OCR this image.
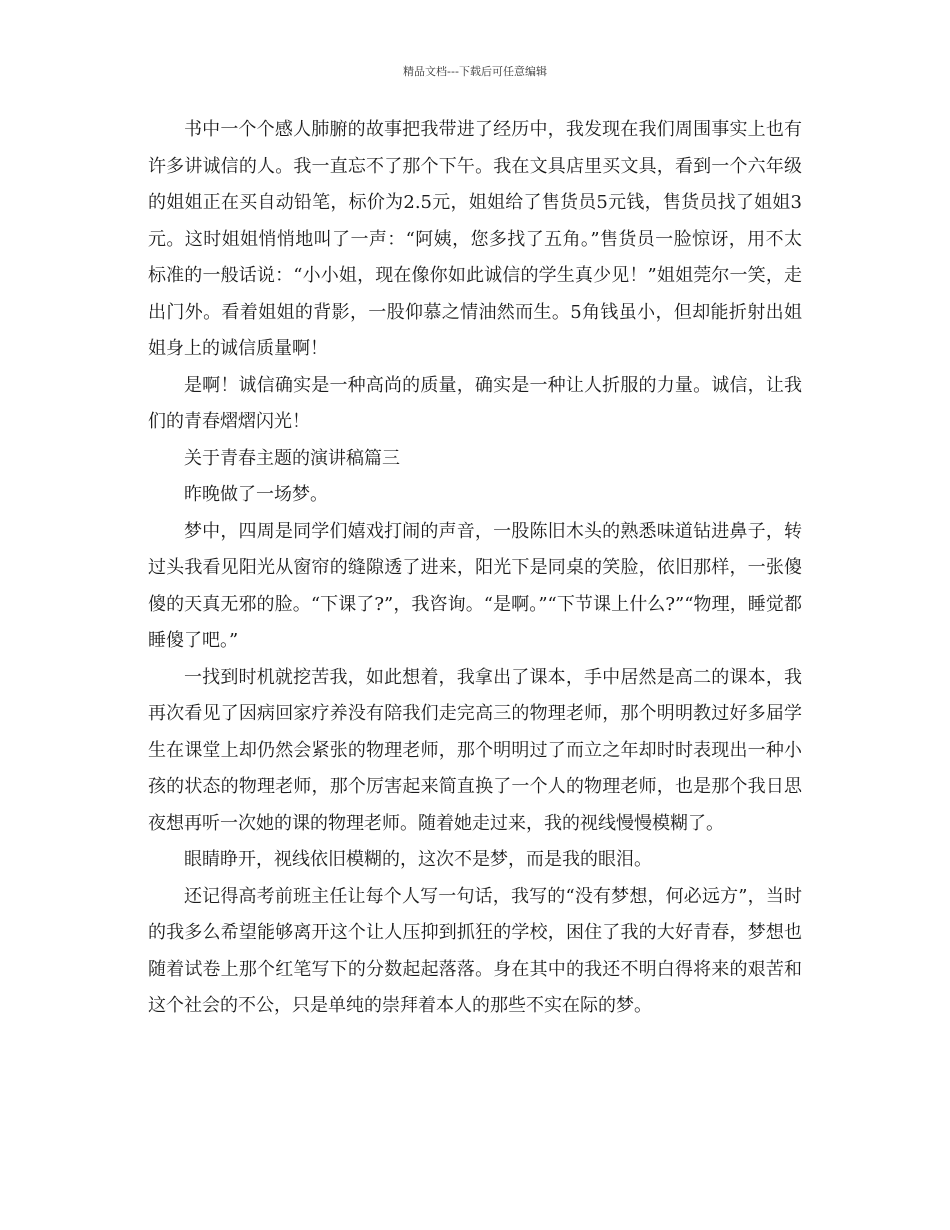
精品文档---下载后可任意编辑

书中一个个感人肺腑的故事把我带进了经历中，我发现在我们周围事实上也有许多讲诚信的人。我一直忘不了那个下午。我在文具店里买文具，看到一个六年级的姐姐正在买自动铅笔，标价为2.5元，姐姐给了售货员5元钱，售货员找了姐姐3元。这时姐姐悄悄地叫了一声：“阿姨，您多找了五角。”售货员一脸惊讶，用不太标准的一般话说：“小小姐，现在像你如此诚信的学生真少见！”姐姐莞尔一笑，走出门外。看着姐姐的背影，一股仰慕之情油然而生。5角钱虽小，但却能折射出姐姐身上的诚信质量啊！

是啊！诚信确实是一种高尚的质量，确实是一种让人折服的力量。诚信，让我们的青春熠熠闪光！

关于青春主题的演讲稿篇三

昨晚做了一场梦。

梦中，四周是同学们嬉戏打闹的声音，一股陈旧木头的熟悉味道钻进鼻子，转过头我看见阳光从窗帘的缝隙透了进来，阳光下是同桌的笑脸，依旧那样，一张傻傻的天真无邪的脸。“下课了?”，我咨询。“是啊。”“下节课上什么?”“物理，睡觉都睡傻了吧。”

一找到时机就挖苦我，如此想着，我拿出了课本，手中居然是高二的课本，我再次看见了因病回家疗养没有陪我们走完高三的物理老师，那个明明教过好多届学生在课堂上却仍然会紧张的物理老师，那个明明过了而立之年却时时表现出一种小孩的状态的物理老师，那个厉害起来简直换了一个人的物理老师，也是那个我日思夜想再听一次她的课的物理老师。随着她走过来，我的视线慢慢模糊了。

眼睛睁开，视线依旧模糊的，这次不是梦，而是我的眼泪。

还记得高考前班主任让每个人写一句话，我写的“没有梦想，何必远方”，当时的我多么希望能够离开这个让人压抑到抓狂的学校，困住了我的大好青春，梦想也随着试卷上那个红笔写下的分数起起落落。身在其中的我还不明白得将来的艰苦和这个社会的不公，只是单纯的崇拜着本人的那些不实在际的梦。
